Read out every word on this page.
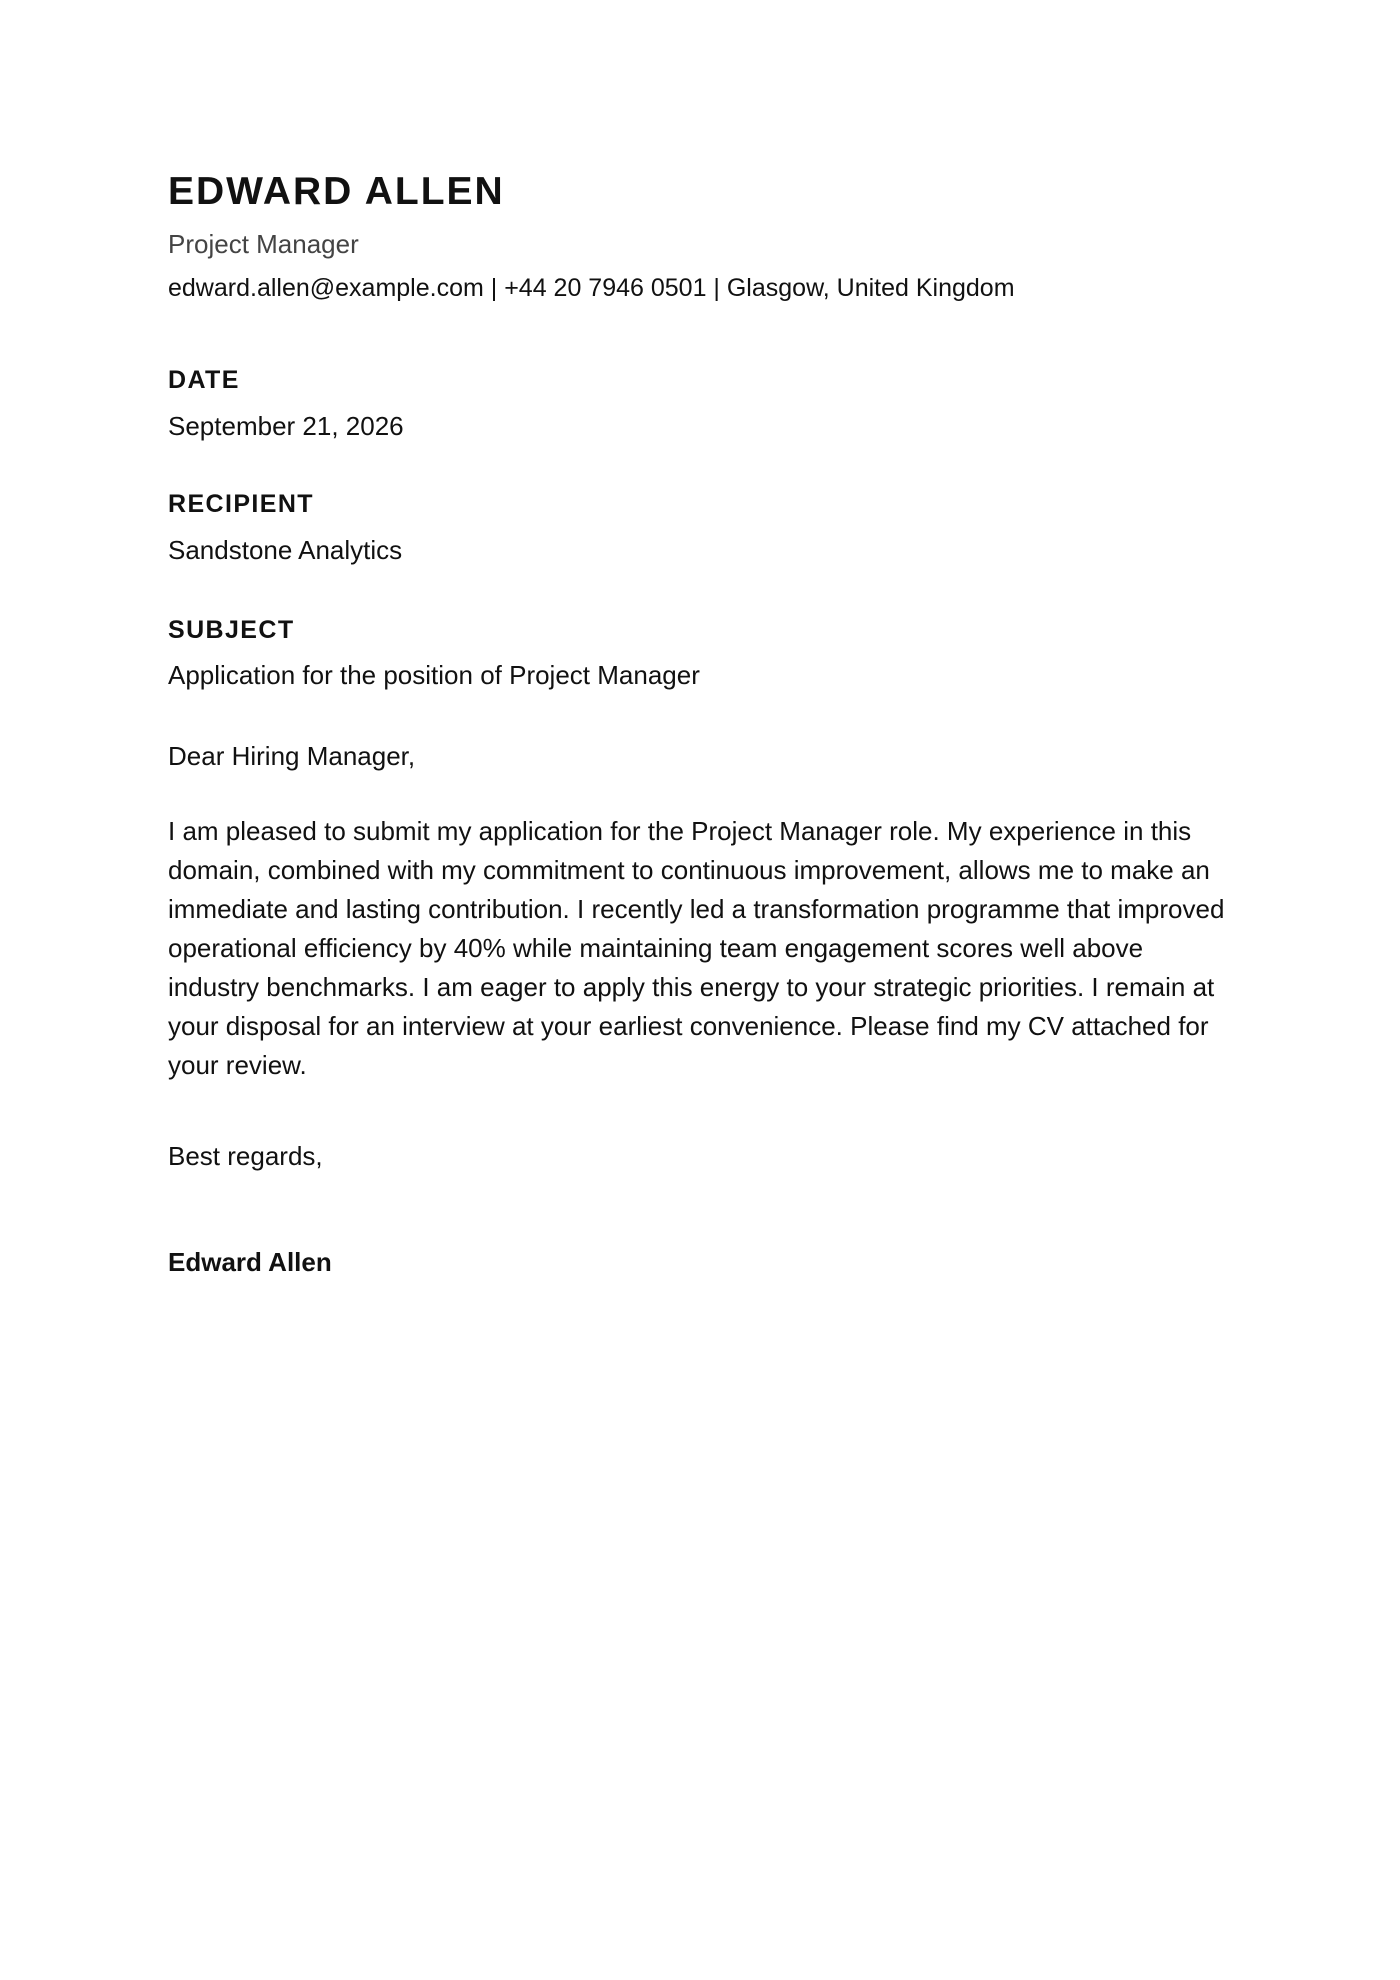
EDWARD ALLEN
Project Manager
edward.allen@example.com | +44 20 7946 0501 | Glasgow, United Kingdom
DATE
September 21, 2026
RECIPIENT
Sandstone Analytics
SUBJECT
Application for the position of Project Manager
Dear Hiring Manager,
I am pleased to submit my application for the Project Manager role. My experience in this domain, combined with my commitment to continuous improvement, allows me to make an immediate and lasting contribution. I recently led a transformation programme that improved operational efficiency by 40% while maintaining team engagement scores well above industry benchmarks. I am eager to apply this energy to your strategic priorities. I remain at your disposal for an interview at your earliest convenience. Please find my CV attached for your review.
Best regards,
Edward Allen
